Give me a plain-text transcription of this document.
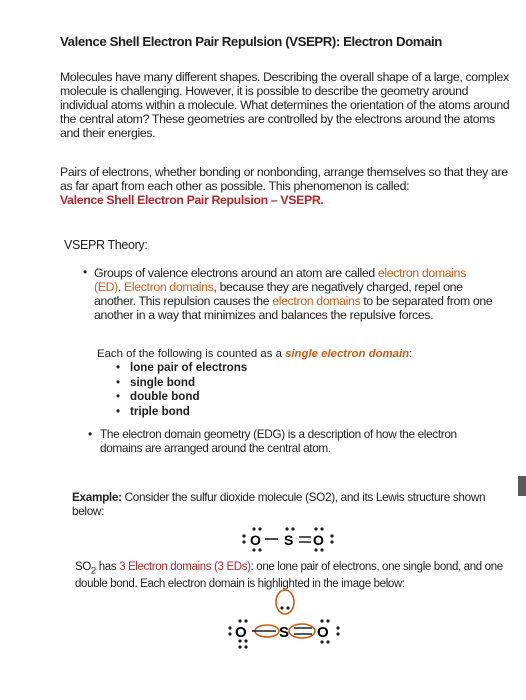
Valence Shell Electron Pair Repulsion (VSEPR): Electron Domain
Molecules have many different shapes. Describing the overall shape of a large, complex molecule is challenging. However, it is possible to describe the geometry around individual atoms within a molecule. What determines the orientation of the atoms around the central atom? These geometries are controlled by the electrons around the atoms and their energies.
Pairs of electrons, whether bonding or nonbonding, arrange themselves so that they are as far apart from each other as possible. This phenomenon is called:
Valence Shell Electron Pair Repulsion – VSEPR.
VSEPR Theory:
• Groups of valence electrons around an atom are called electron domains (ED). Electron domains, because they are negatively charged, repel one another. This repulsion causes the electron domains to be separated from one another in a way that minimizes and balances the repulsive forces.
Each of the following is counted as a single electron domain:
• lone pair of electrons
• single bond
• double bond
• triple bond
• The electron domain geometry (EDG) is a description of how the electron domains are arranged around the central atom.
Example: Consider the sulfur dioxide molecule (SO2), and its Lewis structure shown below:
O S O
$SO_2$ has 3 Electron domains (3 EDs): one lone pair of electrons, one single bond, and one double bond. Each electron domain is highlighted in the image below:
O S O
